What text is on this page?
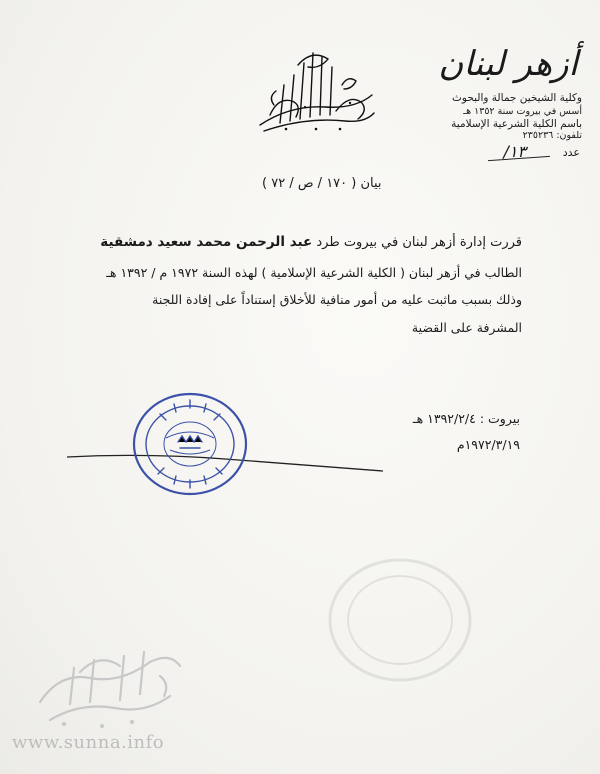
أزهر لبنان
وكلية الشيخين جمالة والبحوث
أسس في بيروت سنة ١٣٥٢ هـ
باسم الكلية الشرعية الإسلامية
تلفون: ٢٣٥٢٣٦
عدد
١٣/
بيان ( ١٧٠ / ص / ٧٢ )
قررت إدارة أزهر لبنان في بيروت طرد عبد الرحمن محمد سعيد دمشقية
الطالب في أزهر لبنان ( الكلية الشرعية الإسلامية ) لهذه السنة ١٩٧٢ م / ١٣٩٢ هـ
وذلك بسبب ماثبت عليه من أمور منافية للأخلاق إستناداً على إفادة اللجنة
المشرفة على القضية
بيروت : ١٣٩٢/٢/٤ هـ
١٩٧٢/٣/١٩م
www.sunna.info
